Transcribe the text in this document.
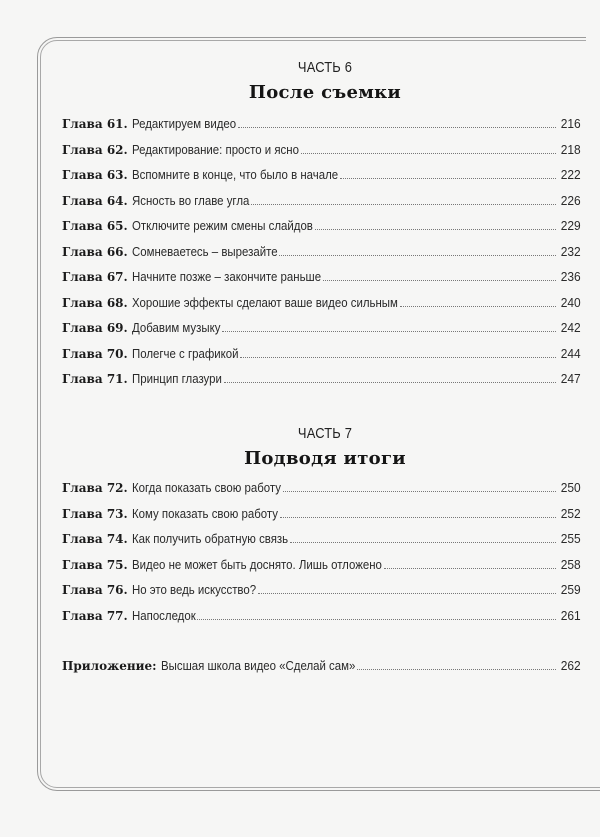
ЧАСТЬ 6
После съемки
Глава 61. Редактируем видео	216
Глава 62. Редактирование: просто и ясно	218
Глава 63. Вспомните в конце, что было в начале	222
Глава 64. Ясность во главе угла	226
Глава 65. Отключите режим смены слайдов	229
Глава 66. Сомневаетесь – вырезайте	232
Глава 67. Начните позже – закончите раньше	236
Глава 68. Хорошие эффекты сделают ваше видео сильным	240
Глава 69. Добавим музыку	242
Глава 70. Полегче с графикой	244
Глава 71. Принцип глазури	247
ЧАСТЬ 7
Подводя итоги
Глава 72. Когда показать свою работу	250
Глава 73. Кому показать свою работу	252
Глава 74. Как получить обратную связь	255
Глава 75. Видео не может быть доснято. Лишь отложено	258
Глава 76. Но это ведь искусство?	259
Глава 77. Напоследок	261
Приложение: Высшая школа видео «Сделай сам»	262
